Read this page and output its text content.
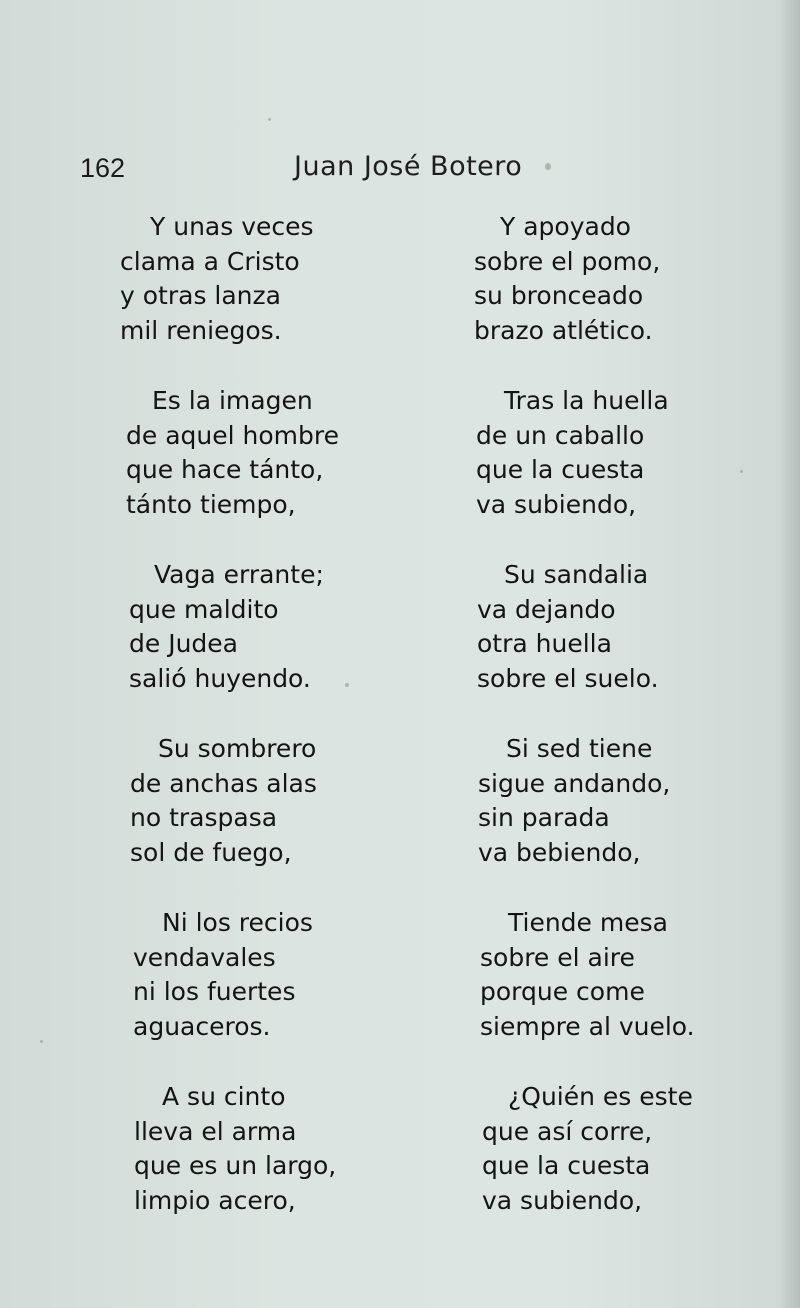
162	Juan José Botero
Y unas veces
clama a Cristo
y otras lanza
mil reniegos.
Es la imagen
de aquel hombre
que hace tánto,
tánto tiempo,
Vaga errante;
que maldito
de Judea
salió huyendo.
Su sombrero
de anchas alas
no traspasa
sol de fuego,
Ni los recios
vendavales
ni los fuertes
aguaceros.
A su cinto
lleva el arma
que es un largo,
limpio acero,
Y apoyado
sobre el pomo,
su bronceado
brazo atlético.
Tras la huella
de un caballo
que la cuesta
va subiendo,
Su sandalia
va dejando
otra huella
sobre el suelo.
Si sed tiene
sigue andando,
sin parada
va bebiendo,
Tiende mesa
sobre el aire
porque come
siempre al vuelo.
¿Quién es este
que así corre,
que la cuesta
va subiendo,
